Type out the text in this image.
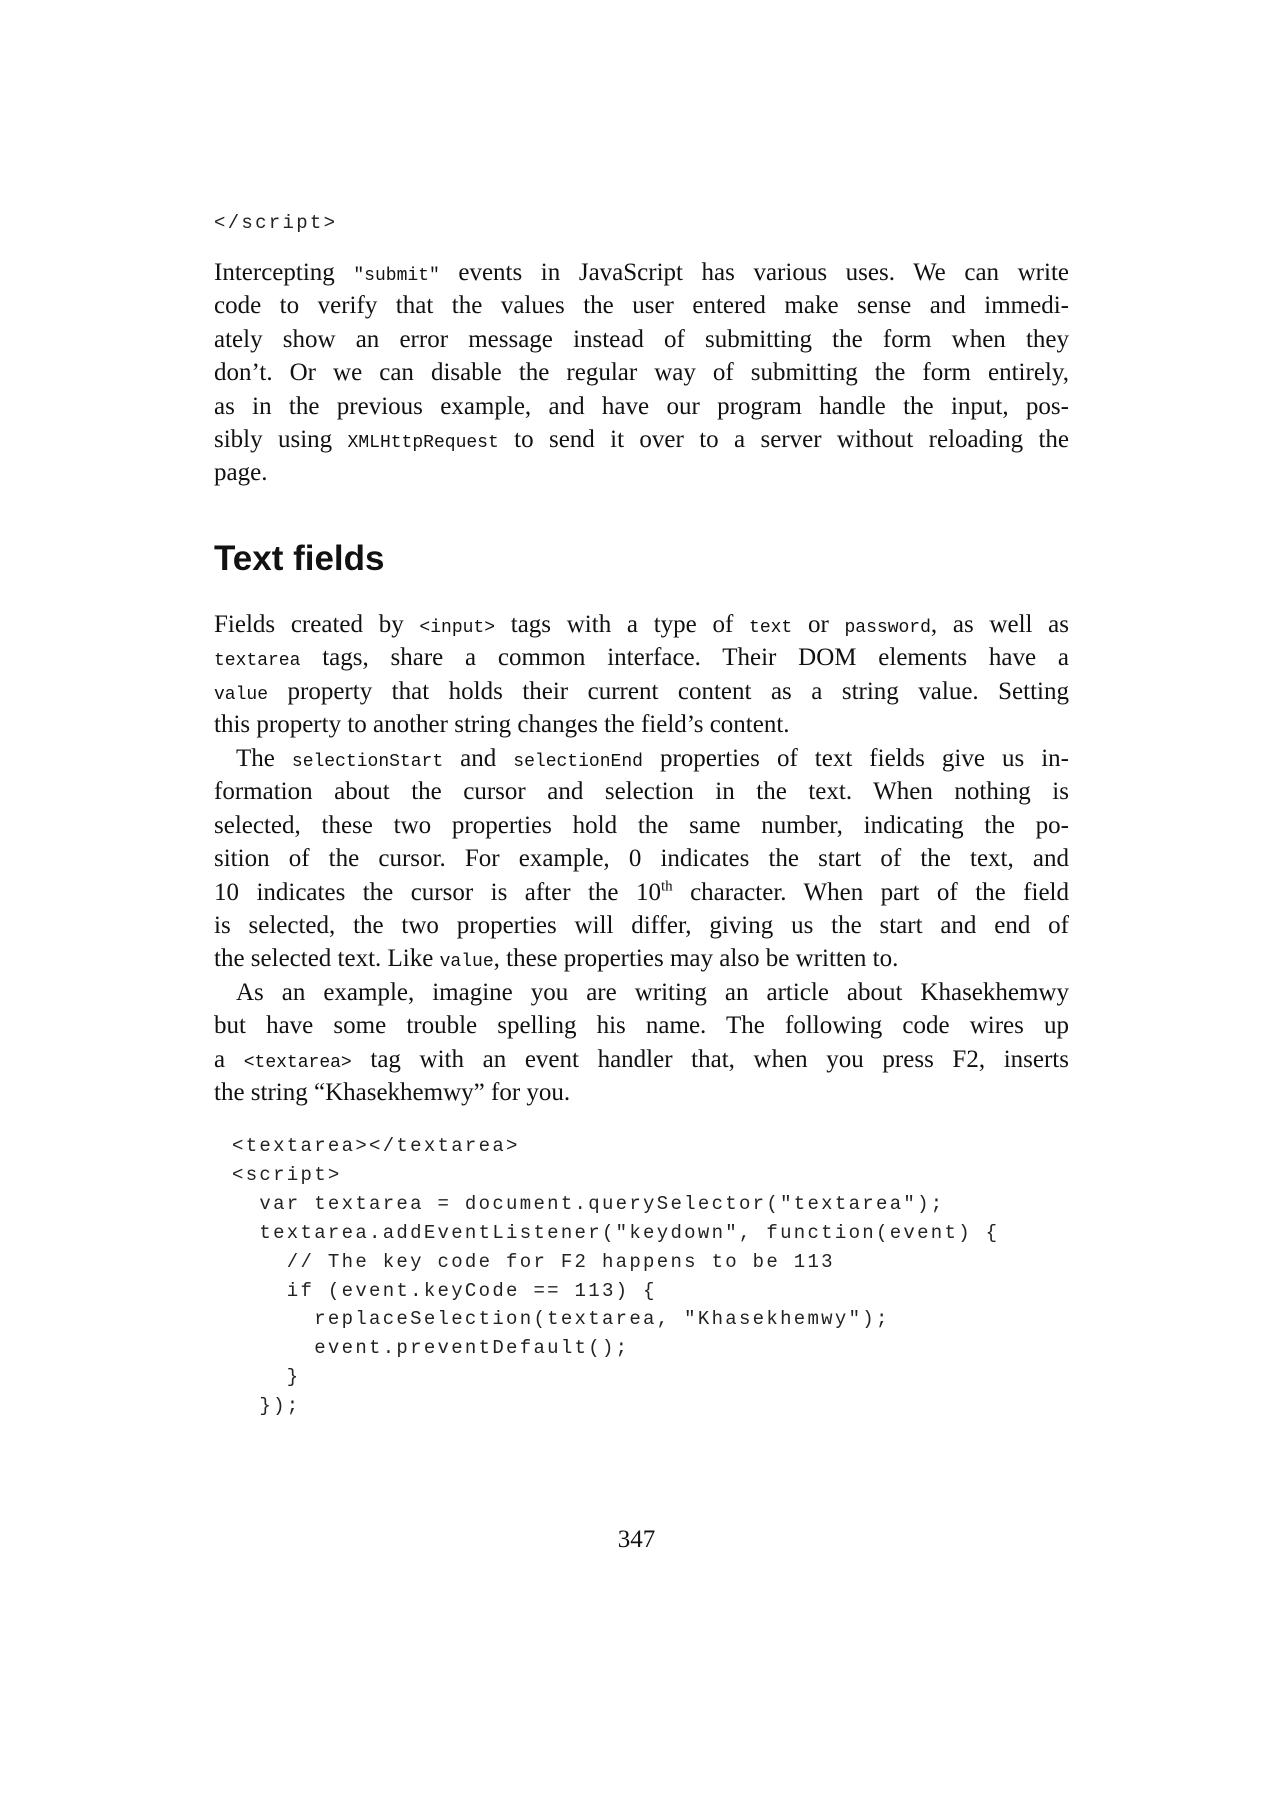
</script>
Intercepting "submit" events in JavaScript has various uses. We can write
code to verify that the values the user entered make sense and immedi-
ately show an error message instead of submitting the form when they
don’t. Or we can disable the regular way of submitting the form entirely,
as in the previous example, and have our program handle the input, pos-
sibly using XMLHttpRequest to send it over to a server without reloading the
page.
Text fields
Fields created by <input> tags with a type of text or password, as well as
textarea tags, share a common interface. Their DOM elements have a
value property that holds their current content as a string value. Setting
this property to another string changes the field’s content.
The selectionStart and selectionEnd properties of text fields give us in-
formation about the cursor and selection in the text. When nothing is
selected, these two properties hold the same number, indicating the po-
sition of the cursor. For example, 0 indicates the start of the text, and
10 indicates the cursor is after the 10th character. When part of the field
is selected, the two properties will differ, giving us the start and end of
the selected text. Like value, these properties may also be written to.
As an example, imagine you are writing an article about Khasekhemwy
but have some trouble spelling his name. The following code wires up
a <textarea> tag with an event handler that, when you press F2, inserts
the string “Khasekhemwy” for you.
<textarea></textarea>
<script>
var textarea = document.querySelector("textarea");
textarea.addEventListener("keydown", function(event) {
// The key code for F2 happens to be 113
if (event.keyCode == 113) {
replaceSelection(textarea, "Khasekhemwy");
event.preventDefault();
}
});
347
